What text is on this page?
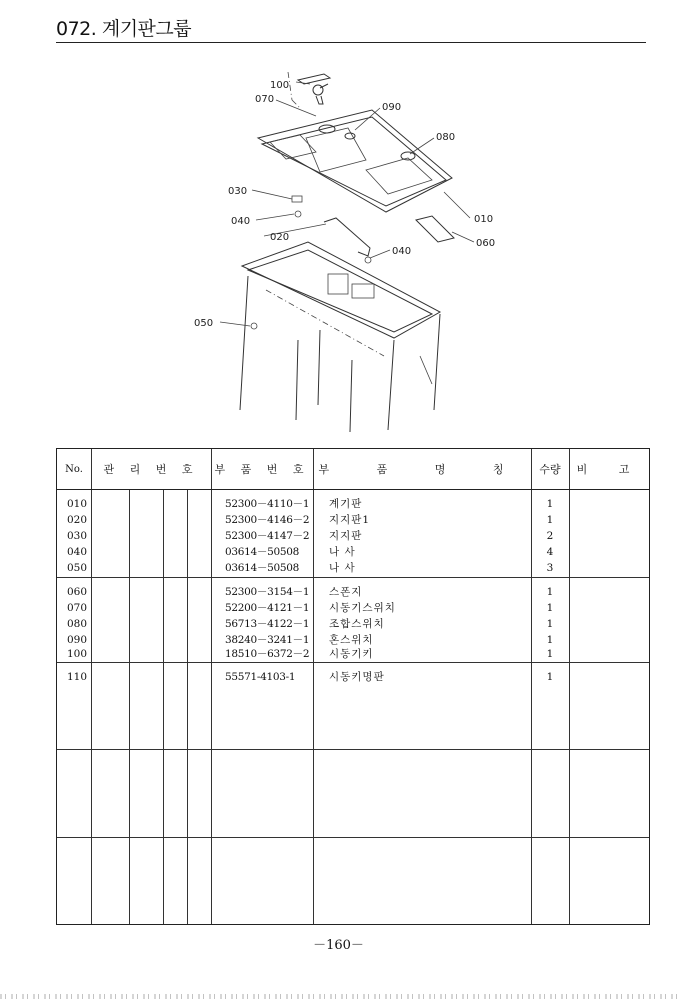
072. 계기판그룹
100
070
090
080
030
040	010
020
060
040
050
No.	관 리 번 호	부 품 번 호 부 품 명 칭	수량	비 고
010	52300－4110－1 계기판	1
020	52300－4146－2 지지판1	1
030	52300－4147－2 지지판	2
040	03614－50508	나 사	4
050	03614－50508	나 사	3
060	52300－3154－1 스폰지	1
070	52200－4121－1 시동기스위치	1
080	56713－4122－1 조합스위치	1
090	38240－3241－1 혼스위치	1
100	18510－6372－2 시동기키	1
110	55571-4103-1	시동키명판	1
－160－
